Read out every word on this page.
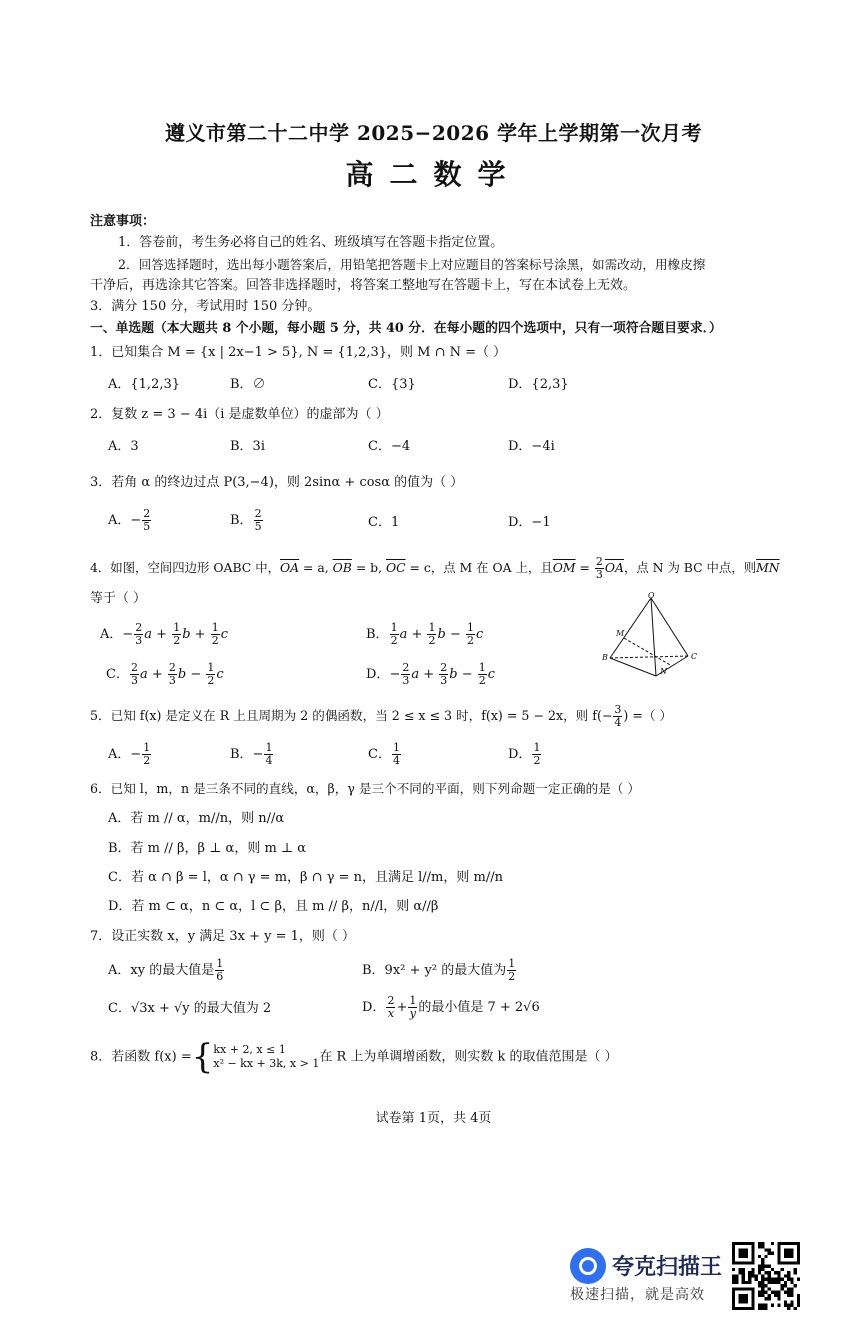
遵义市第二十二中学 2025−2026 学年上学期第一次月考
高二数学
注意事项：
1．答卷前，考生务必将自己的姓名、班级填写在答题卡指定位置。
2．回答选择题时，选出每小题答案后，用铅笔把答题卡上对应题目的答案标号涂黑，如需改动，用橡皮擦
干净后，再选涂其它答案。回答非选择题时，将答案工整地写在答题卡上，写在本试卷上无效。
3．满分 150 分，考试用时 150 分钟。
一、单选题（本大题共 8 个小题，每小题 5 分，共 40 分．在每小题的四个选项中，只有一项符合题目要求．）
1．已知集合 M = {x | 2x−1 > 5}, N = {1,2,3}，则 M ∩ N =（ ）
A．{1,2,3}	B．∅	C．{3}	D．{2,3}
2．复数 z = 3 − 4i（i 是虚数单位）的虚部为（ ）
A．3	B．3i	C．−4	D．−4i
3．若角 α 的终边过点 P(3,−4)，则 2sinα + cosα 的值为（ ）
A．− $\frac{2}{5}$	B． $\frac{2}{5}$	C．1	D．−1
4．如图，空间四边形 OABC 中，$\overline{OA} = a$, $\overline{OB} = b$, $\overline{OC} = c$，点 M 在 OA 上，且$\overline{OM} = \frac{2}{3} \overline{OA}$，点 N 为 BC 中点，则$\overline{MN}$
等于（ ）
A．− $\frac{2}{3}$ $a + \frac{1}{2}$ $b + \frac{1}{2}$ c	B． $\frac{1}{2}$ $a + \frac{1}{2}$ $b - \frac{1}{2}$ c
C． $\frac{2}{3}$ $a + \frac{2}{3}$ $b - \frac{1}{2}$ c	D．− $\frac{2}{3}$ $a + \frac{2}{3}$ $b - \frac{1}{2}$ c
O
M
B
N
C
5．已知 f(x) 是定义在 R 上且周期为 2 的偶函数，当 2 ≤ x ≤ 3 时，f(x) = 5 − 2x，则 $f(- \frac{3}{4}$ ) =（ ）
A．− $\frac{1}{2}$	B．− $\frac{1}{4}$	C． $\frac{1}{4}$	D． $\frac{1}{2}$
6．已知 l，m，n 是三条不同的直线，α，β，γ 是三个不同的平面，则下列命题一定正确的是（ ）
A．若 m // α，m//n，则 n//α
B．若 m // β，β ⊥ α，则 m ⊥ α
C．若 α ∩ β = l，α ∩ γ = m，β ∩ γ = n，且满足 l//m，则 m//n
D．若 m ⊂ α，n ⊂ α，l ⊂ β，且 m // β，n//l，则 α//β
7．设正实数 x，y 满足 3x + y = 1，则（ ）
A．xy 的最大值是 $\frac{1}{6}$	B．9x² + y² 的最大值为 $\frac{1}{2}$
C．√3x + √y 的最大值为 2	D． $\frac{2}{x} + \frac{1}{y}$ 的最小值是 7 + 2√6
8．若函数 f(x) ={ kx + 2, x ≤ 1
x² − kx + 3k, x > 1 在 R 上为单调增函数，则实数 k 的取值范围是（ ）
试卷第 1页，共 4页
夸克扫描王
极速扫描，就是高效
